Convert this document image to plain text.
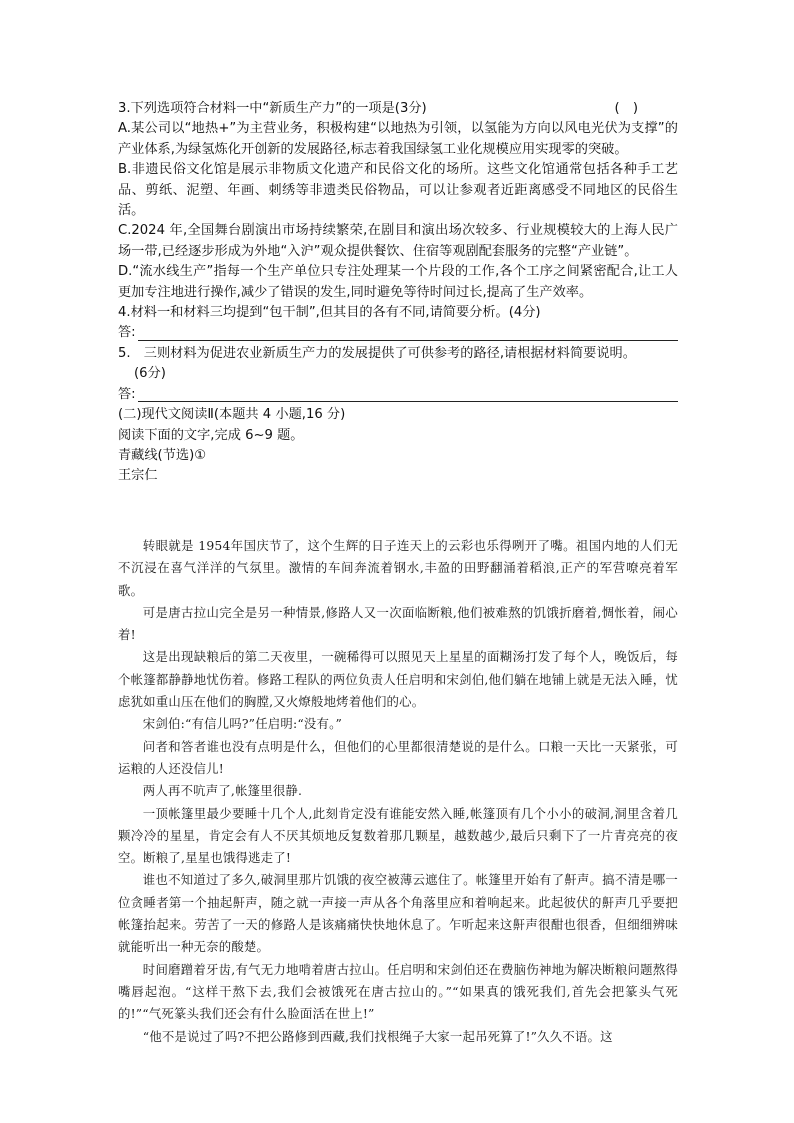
3.下列选项符合材料一中“新质生产力”的一项是(3分)	(　)

A.某公司以“地热+”为主营业务，积极构建“以地热为引领，以氢能为方向以风电光伏为支撑”的产业体系,为绿氢炼化开创新的发展路径,标志着我国绿氢工业化规模应用实现零的突破。

B.非遗民俗文化馆是展示非物质文化遗产和民俗文化的场所。这些文化馆通常包括各种手工艺品、剪纸、泥塑、年画、刺绣等非遗类民俗物品，可以让参观者近距离感受不同地区的民俗生活。

C.2024 年,全国舞台剧演出市场持续繁荣,在剧目和演出场次较多、行业规模较大的上海人民广场一带,已经逐步形成为外地“入沪”观众提供餐饮、住宿等观剧配套服务的完整“产业链”。

D.“流水线生产”指每一个生产单位只专注处理某一个片段的工作,各个工序之间紧密配合,让工人更加专注地进行操作,减少了错误的发生,同时避免等待时间过长,提高了生产效率。

4.材料一和材料三均提到“包干制”,但其目的各有不同,请简要分析。(4分)

答:

5.　三则材料为促进农业新质生产力的发展提供了可供参考的路径,请根据材料简要说明。

(6分)

答:

(二)现代文阅读Ⅱ(本题共 4 小题,16 分)

阅读下面的文字,完成 6~9 题。

青藏线(节选)①

王宗仁

转眼就是 1954年国庆节了，这个生辉的日子连天上的云彩也乐得咧开了嘴。祖国内地的人们无不沉浸在喜气洋洋的气氛里。激情的车间奔流着钢水,丰盈的田野翻涌着稻浪,正产的军营嘹亮着军歌。

可是唐古拉山完全是另一种情景,修路人又一次面临断粮,他们被难熬的饥饿折磨着,惆怅着，闹心着!

这是出现缺粮后的第二天夜里，一碗稀得可以照见天上星星的面糊汤打发了每个人，晚饭后，每个帐篷都静静地忧伤着。修路工程队的两位负责人任启明和宋剑伯,他们躺在地铺上就是无法入睡，忧虑犹如重山压在他们的胸膛,又火燎般地烤着他们的心。

宋剑伯:“有信儿吗?”任启明:“没有。”

问者和答者谁也没有点明是什么，但他们的心里都很清楚说的是什么。口粮一天比一天紧张，可运粮的人还没信儿!

两人再不吭声了,帐篷里很静.

一顶帐篷里最少要睡十几个人,此刻肯定没有谁能安然入睡,帐篷顶有几个小小的破洞,洞里含着几颗冷冷的星星，肯定会有人不厌其烦地反复数着那几颗星，越数越少,最后只剩下了一片青亮亮的夜空。断粮了,星星也饿得逃走了!

谁也不知道过了多久,破洞里那片饥饿的夜空被薄云遮住了。帐篷里开始有了鼾声。搞不清是哪一位贪睡者第一个抽起鼾声，随之就一声接一声从各个角落里应和着响起来。此起彼伏的鼾声几乎要把帐篷抬起来。劳苦了一天的修路人是该痛痛快快地休息了。乍听起来这鼾声很酣也很香，但细细辨味就能听出一种无奈的酸楚。

时间磨蹭着牙齿,有气无力地啃着唐古拉山。任启明和宋剑伯还在费脑伤神地为解决断粮问题熬得嘴唇起泡。“这样干熬下去,我们会被饿死在唐古拉山的。”“如果真的饿死我们,首先会把篆头气死的!”“气死篆头我们还会有什么脸面活在世上!”

“他不是说过了吗?不把公路修到西藏,我们找根绳子大家一起吊死算了!”久久不语。这
